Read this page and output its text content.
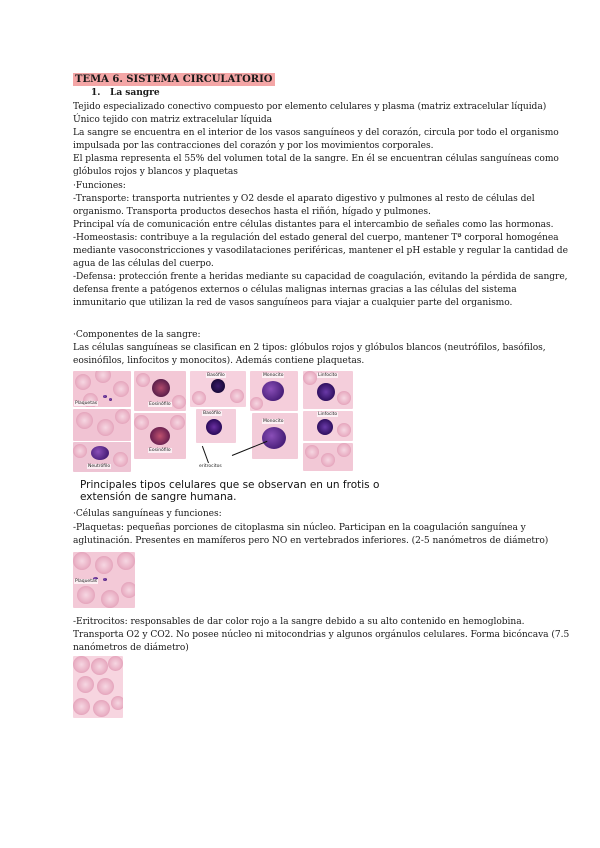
TEMA 6. SISTEMA CIRCULATORIO
1. La sangre
Tejido especializado conectivo compuesto por elemento celulares y plasma (matriz extracelular líquida)
Único tejido con matriz extracelular líquida
La sangre se encuentra en el interior de los vasos sanguíneos y del corazón, circula por todo el organismo
impulsada por las contracciones del corazón y por los movimientos corporales.
El plasma representa el 55% del volumen total de la sangre. En él se encuentran células sanguíneas como
glóbulos rojos y blancos y plaquetas
·Funciones:
-Transporte: transporta nutrientes y O2 desde el aparato digestivo y pulmones al resto de células del
organismo. Transporta productos desechos hasta el riñón, hígado y pulmones.
Principal vía de comunicación entre células distantes para el intercambio de señales como las hormonas.
-Homeostasis: contribuye a la regulación del estado general del cuerpo, mantener Tª corporal homogénea
mediante vasoconstricciones y vasodilataciones periféricas, mantener el pH estable y regular la cantidad de
agua de las células del cuerpo.
-Defensa: protección frente a heridas mediante su capacidad de coagulación, evitando la pérdida de sangre,
defensa frente a patógenos externos o células malignas internas gracias a las células del sistema
inmunitario que utilizan la red de vasos sanguíneos para viajar a cualquier parte del organismo.
·Componentes de la sangre:
Las células sanguíneas se clasifican en 2 tipos: glóbulos rojos y glóbulos blancos (neutrófilos, basófilos,
eosinófilos, linfocitos y monocitos). Además contiene plaquetas.
Plaquetas
Neutrófilo
Eosinófilo
Eosinófilo
Basófilo
Basófilo
Monocito
Monocito
Linfocito
Linfocito
eritrocitos
Principales tipos celulares que se observan en un frotis o
extensión de sangre humana.
·Células sanguíneas y funciones:
-Plaquetas: pequeñas porciones de citoplasma sin núcleo. Participan en la coagulación sanguínea y
aglutinación. Presentes en mamíferos pero NO en vertebrados inferiores. (2-5 nanómetros de diámetro)
Plaquetas
-Eritrocitos: responsables de dar color rojo a la sangre debido a su alto contenido en hemoglobina.
Transporta O2 y CO2. No posee núcleo ni mitocondrias y algunos orgánulos celulares. Forma bicóncava (7.5
nanómetros de diámetro)
